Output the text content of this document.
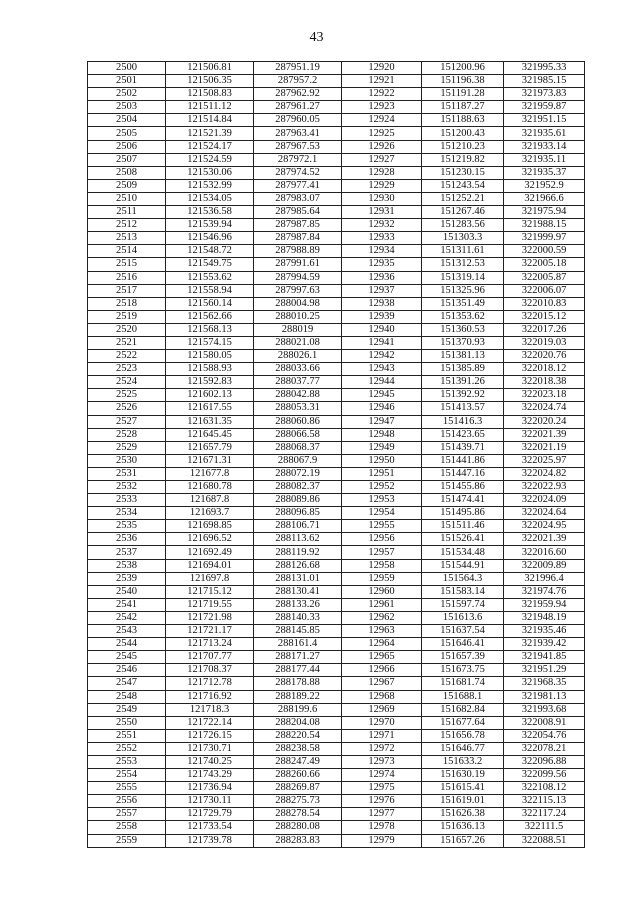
43
2500	121506.81	287951.19	12920	151200.96	321995.33
2501	121506.35	287957.2	12921	151196.38	321985.15
2502	121508.83	287962.92	12922	151191.28	321973.83
2503	121511.12	287961.27	12923	151187.27	321959.87
2504	121514.84	287960.05	12924	151188.63	321951.15
2505	121521.39	287963.41	12925	151200.43	321935.61
2506	121524.17	287967.53	12926	151210.23	321933.14
2507	121524.59	287972.1	12927	151219.82	321935.11
2508	121530.06	287974.52	12928	151230.15	321935.37
2509	121532.99	287977.41	12929	151243.54	321952.9
2510	121534.05	287983.07	12930	151252.21	321966.6
2511	121536.58	287985.64	12931	151267.46	321975.94
2512	121539.94	287987.85	12932	151283.56	321988.15
2513	121546.96	287987.84	12933	151303.3	321999.97
2514	121548.72	287988.89	12934	151311.61	322000.59
2515	121549.75	287991.61	12935	151312.53	322005.18
2516	121553.62	287994.59	12936	151319.14	322005.87
2517	121558.94	287997.63	12937	151325.96	322006.07
2518	121560.14	288004.98	12938	151351.49	322010.83
2519	121562.66	288010.25	12939	151353.62	322015.12
2520	121568.13	288019	12940	151360.53	322017.26
2521	121574.15	288021.08	12941	151370.93	322019.03
2522	121580.05	288026.1	12942	151381.13	322020.76
2523	121588.93	288033.66	12943	151385.89	322018.12
2524	121592.83	288037.77	12944	151391.26	322018.38
2525	121602.13	288042.88	12945	151392.92	322023.18
2526	121617.55	288053.31	12946	151413.57	322024.74
2527	121631.35	288060.86	12947	151416.3	322020.24
2528	121645.45	288066.58	12948	151423.65	322021.39
2529	121657.79	288068.37	12949	151439.71	322021.19
2530	121671.31	288067.9	12950	151441.86	322025.97
2531	121677.8	288072.19	12951	151447.16	322024.82
2532	121680.78	288082.37	12952	151455.86	322022.93
2533	121687.8	288089.86	12953	151474.41	322024.09
2534	121693.7	288096.85	12954	151495.86	322024.64
2535	121698.85	288106.71	12955	151511.46	322024.95
2536	121696.52	288113.62	12956	151526.41	322021.39
2537	121692.49	288119.92	12957	151534.48	322016.60
2538	121694.01	288126.68	12958	151544.91	322009.89
2539	121697.8	288131.01	12959	151564.3	321996.4
2540	121715.12	288130.41	12960	151583.14	321974.76
2541	121719.55	288133.26	12961	151597.74	321959.94
2542	121721.98	288140.33	12962	151613.6	321948.19
2543	121721.17	288145.85	12963	151637.54	321935.46
2544	121713.24	288161.4	12964	151646.41	321939.42
2545	121707.77	288171.27	12965	151657.39	321941.85
2546	121708.37	288177.44	12966	151673.75	321951.29
2547	121712.78	288178.88	12967	151681.74	321968.35
2548	121716.92	288189.22	12968	151688.1	321981.13
2549	121718.3	288199.6	12969	151682.84	321993.68
2550	121722.14	288204.08	12970	151677.64	322008.91
2551	121726.15	288220.54	12971	151656.78	322054.76
2552	121730.71	288238.58	12972	151646.77	322078.21
2553	121740.25	288247.49	12973	151633.2	322096.88
2554	121743.29	288260.66	12974	151630.19	322099.56
2555	121736.94	288269.87	12975	151615.41	322108.12
2556	121730.11	288275.73	12976	151619.01	322115.13
2557	121729.79	288278.54	12977	151626.38	322117.24
2558	121733.54	288280.08	12978	151636.13	322111.5
2559	121739.78	288283.83	12979	151657.26	322088.51
